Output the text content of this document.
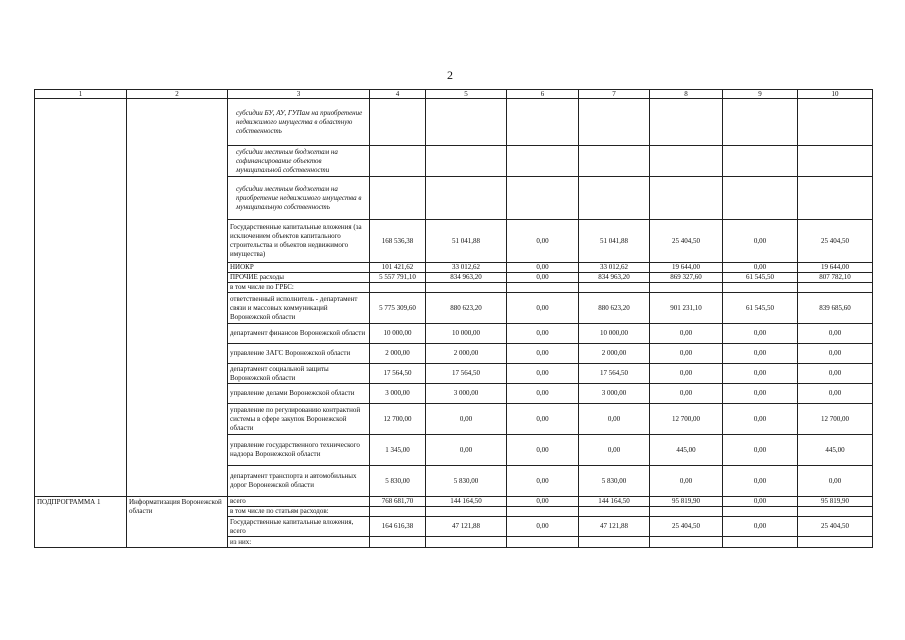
2
1	2	3	4	5	6	7	8	9	10
		субсидии БУ, АУ, ГУПам на приобретение недвижимого имущества в областную собственность							
		субсидии местным бюджетам на софинансирование объектов муниципальной собственности							
		субсидии местным бюджетам на приобретение недвижимого имущества в муниципальную собственность							
		Государственные капитальные вложения (за исключением объектов капитального строительства и объектов недвижимого имущества)	168 536,38	51 041,88	0,00	51 041,88	25 404,50	0,00	25 404,50
		НИОКР	101 421,62	33 012,62	0,00	33 012,62	19 644,00	0,00	19 644,00
		ПРОЧИЕ расходы	5 557 791,10	834 963,20	0,00	834 963,20	869 327,60	61 545,50	807 782,10
		в том числе по ГРБС:							
		ответственный исполнитель - департамент связи и массовых коммуникаций Воронежской области	5 775 309,60	880 623,20	0,00	880 623,20	901 231,10	61 545,50	839 685,60
		департамент финансов Воронежской области	10 000,00	10 000,00	0,00	10 000,00	0,00	0,00	0,00
		управление ЗАГС Воронежской области	2 000,00	2 000,00	0,00	2 000,00	0,00	0,00	0,00
		департамент социальной защиты Воронежской области	17 564,50	17 564,50	0,00	17 564,50	0,00	0,00	0,00
		управление делами Воронежской области	3 000,00	3 000,00	0,00	3 000,00	0,00	0,00	0,00
		управление по регулированию контрактной системы в сфере закупок Воронежской области	12 700,00	0,00	0,00	0,00	12 700,00	0,00	12 700,00
		управление государственного технического надзора Воронежской области	1 345,00	0,00	0,00	0,00	445,00	0,00	445,00
		департамент транспорта и автомобильных дорог Воронежской области	5 830,00	5 830,00	0,00	5 830,00	0,00	0,00	0,00
ПОДПРОГРАММА 1	Информатизация Воронежской области	всего	768 681,70	144 164,50	0,00	144 164,50	95 819,90	0,00	95 819,90
		в том числе по статьям расходов:							
		Государственные капитальные вложения, всего	164 616,38	47 121,88	0,00	47 121,88	25 404,50	0,00	25 404,50
		из них:							
